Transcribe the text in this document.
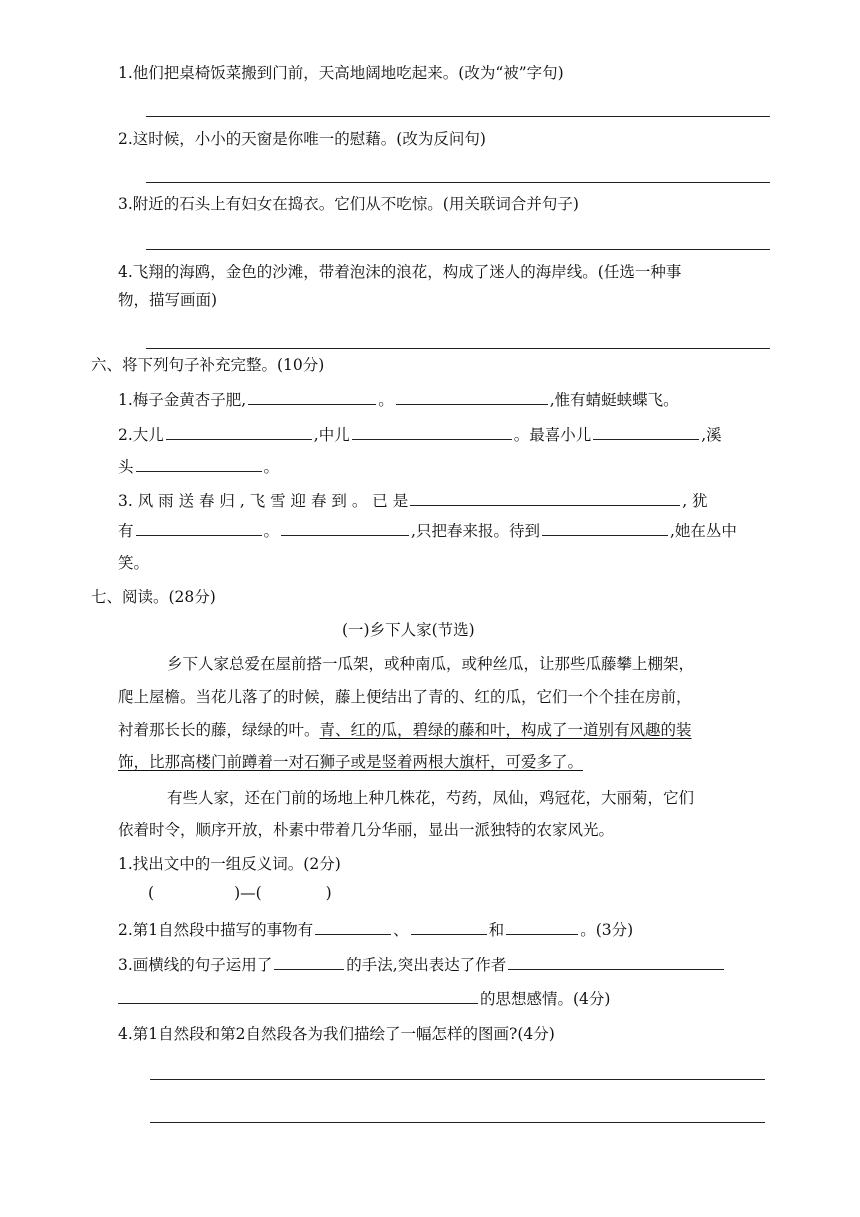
1.他们把桌椅饭菜搬到门前，天高地阔地吃起来。(改为“被”字句)
2.这时候，小小的天窗是你唯一的慰藉。(改为反问句)
3.附近的石头上有妇女在捣衣。它们从不吃惊。(用关联词合并句子)
4.飞翔的海鸥，金色的沙滩，带着泡沫的浪花，构成了迷人的海岸线。(任选一种事
物，描写画面)
六、将下列句子补充完整。(10分)
1.梅子金黄杏子肥,	。	,惟有蜻蜓蛱蝶飞。
2.大儿	,中儿	。最喜小儿	,溪
头	。
3. 风 雨 送 春 归 , 飞 雪 迎 春 到 。 已 是	, 犹
有	。	,只把春来报。待到	,她在丛中
笑。
七、阅读。(28分)
(一)乡下人家(节选)
乡下人家总爱在屋前搭一瓜架，或种南瓜，或种丝瓜，让那些瓜藤攀上棚架，
爬上屋檐。当花儿落了的时候，藤上便结出了青的、红的瓜，它们一个个挂在房前，
衬着那长长的藤，绿绿的叶。青、红的瓜，碧绿的藤和叶，构成了一道别有风趣的装
饰，比那高楼门前蹲着一对石狮子或是竖着两根大旗杆，可爱多了。
有些人家，还在门前的场地上种几株花，芍药，凤仙，鸡冠花，大丽菊，它们
依着时令，顺序开放，朴素中带着几分华丽，显出一派独特的农家风光。
1.找出文中的一组反义词。(2分)
(	)—(	)
2.第1自然段中描写的事物有	、	和	。(3分)
3.画横线的句子运用了	的手法,突出表达了作者
的思想感情。(4分)
4.第1自然段和第2自然段各为我们描绘了一幅怎样的图画?(4分)
